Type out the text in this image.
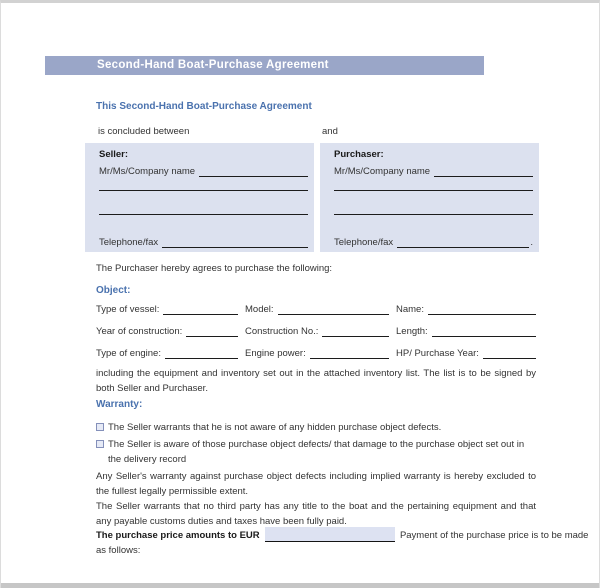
Second-Hand Boat-Purchase Agreement
This Second-Hand Boat-Purchase Agreement
is concluded between	and
Seller:
Mr/Ms/Company name
Telephone/fax
Purchaser:
Mr/Ms/Company name
Telephone/fax	.
The Purchaser hereby agrees to purchase the following:
Object:
Type of vessel:	Model:	Name:
Year of construction:	Construction No.:	Length:
Type of engine:	Engine power:	HP/ Purchase Year:
including the equipment and inventory set out in the attached inventory list. The list is to be signed by both Seller and Purchaser.
Warranty:
The Seller warrants that he is not aware of any hidden purchase object defects.
The Seller is aware of those purchase object defects/ that damage to the purchase object set out in the delivery record
Any Seller's warranty against purchase object defects including implied warranty is hereby excluded to the fullest legally permissible extent.
The Seller warrants that no third party has any title to the boat and the pertaining equipment and that any payable customs duties and taxes have been fully paid.
The purchase price amounts to EUR	Payment of the purchase price is to be made
as follows:
